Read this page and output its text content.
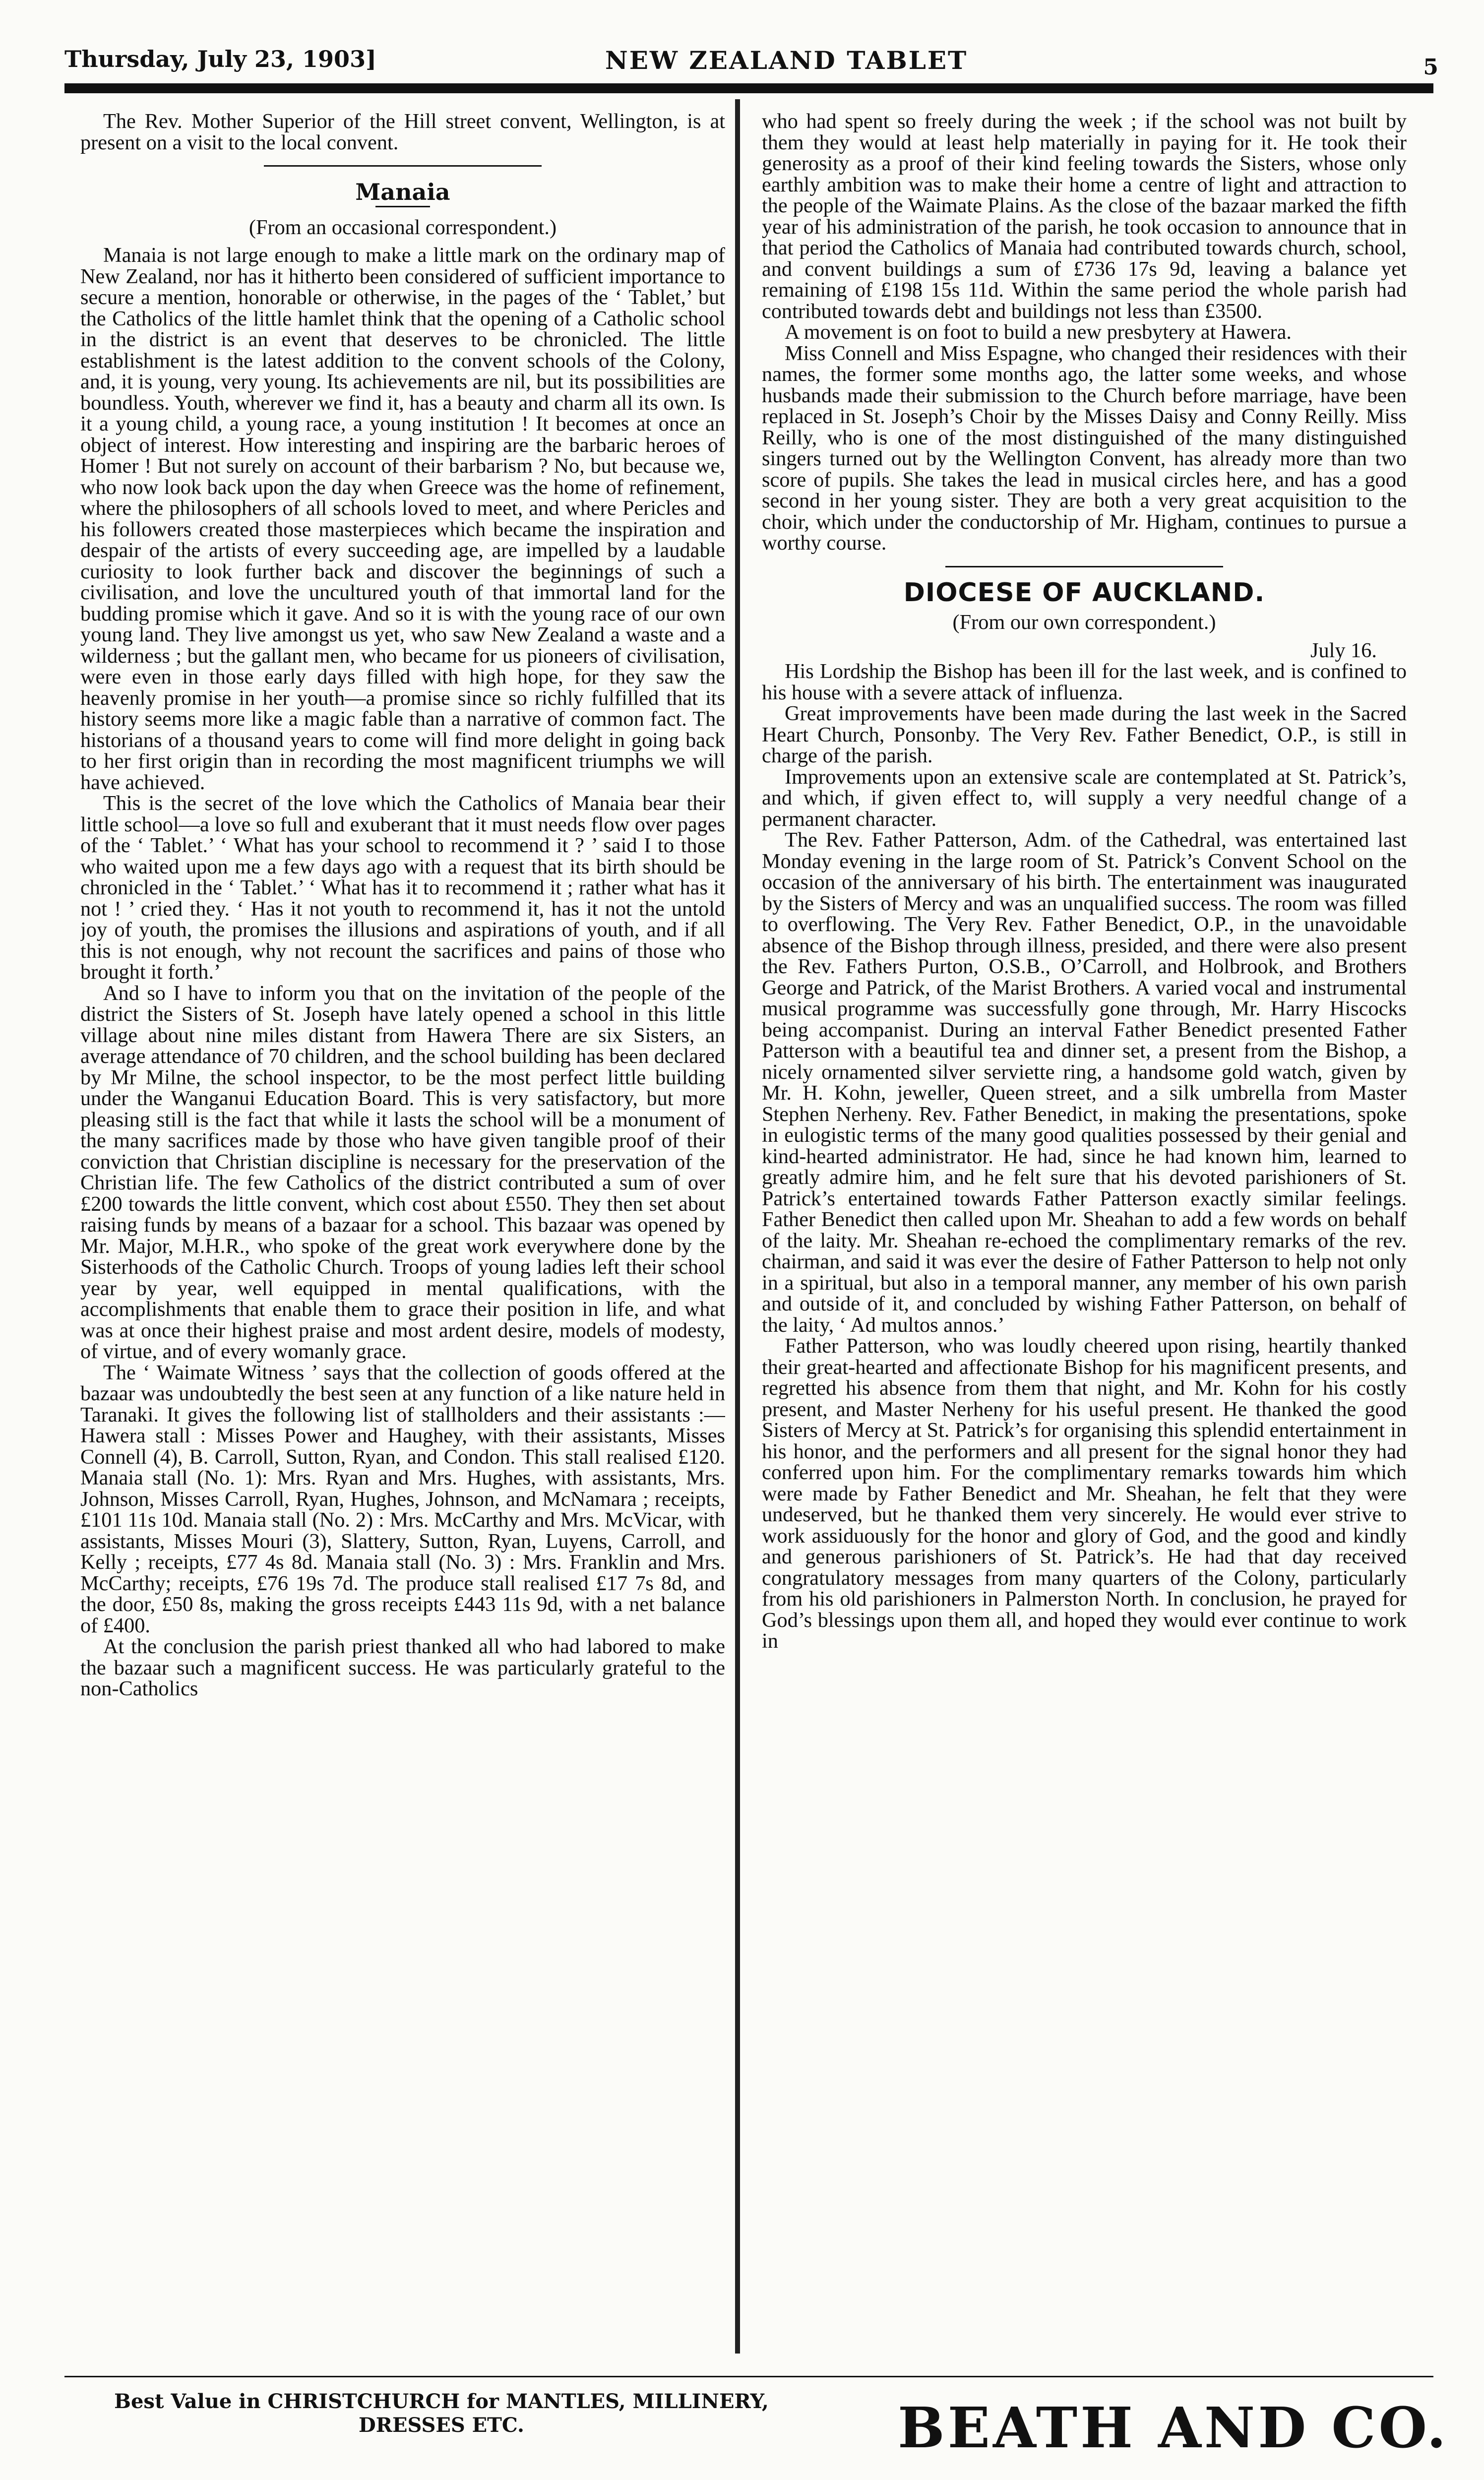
Thursday, July 23, 1903]	NEW ZEALAND TABLET	5

The Rev. Mother Superior of the Hill street convent, Wellington, is at present on a visit to the local convent.

Manaia
(From an occasional correspondent.)

Manaia is not large enough to make a little mark on the ordinary map of New Zealand, nor has it hitherto been considered of sufficient importance to secure a mention, honorable or otherwise, in the pages of the ‘ Tablet,’ but the Catholics of the little hamlet think that the opening of a Catholic school in the district is an event that deserves to be chronicled. The little establishment is the latest addition to the convent schools of the Colony, and, it is young, very young. Its achievements are nil, but its possibilities are boundless. Youth, wherever we find it, has a beauty and charm all its own. Is it a young child, a young race, a young institution ! It becomes at once an object of interest. How interesting and inspiring are the barbaric heroes of Homer ! But not surely on account of their barbarism ? No, but because we, who now look back upon the day when Greece was the home of refinement, where the philosophers of all schools loved to meet, and where Pericles and his followers created those masterpieces which became the inspiration and despair of the artists of every succeeding age, are impelled by a laudable curiosity to look further back and discover the beginnings of such a civilisation, and love the uncultured youth of that immortal land for the budding promise which it gave. And so it is with the young race of our own young land. They live amongst us yet, who saw New Zealand a waste and a wilderness ; but the gallant men, who became for us pioneers of civilisation, were even in those early days filled with high hope, for they saw the heavenly promise in her youth—a promise since so richly fulfilled that its history seems more like a magic fable than a narrative of common fact. The historians of a thousand years to come will find more delight in going back to her first origin than in recording the most magnificent triumphs we will have achieved.

This is the secret of the love which the Catholics of Manaia bear their little school—a love so full and exuberant that it must needs flow over pages of the ‘ Tablet.’ ‘ What has your school to recommend it ? ’ said I to those who waited upon me a few days ago with a request that its birth should be chronicled in the ‘ Tablet.’ ‘ What has it to recommend it ; rather what has it not ! ’ cried they. ‘ Has it not youth to recommend it, has it not the untold joy of youth, the promises the illusions and aspirations of youth, and if all this is not enough, why not recount the sacrifices and pains of those who brought it forth.’

And so I have to inform you that on the invitation of the people of the district the Sisters of St. Joseph have lately opened a school in this little village about nine miles distant from Hawera There are six Sisters, an average attendance of 70 children, and the school building has been declared by Mr Milne, the school inspector, to be the most perfect little building under the Wanganui Education Board. This is very satisfactory, but more pleasing still is the fact that while it lasts the school will be a monument of the many sacrifices made by those who have given tangible proof of their conviction that Christian discipline is necessary for the preservation of the Christian life. The few Catholics of the district contributed a sum of over £200 towards the little convent, which cost about £550. They then set about raising funds by means of a bazaar for a school. This bazaar was opened by Mr. Major, M.H.R., who spoke of the great work everywhere done by the Sisterhoods of the Catholic Church. Troops of young ladies left their school year by year, well equipped in mental qualifications, with the accomplishments that enable them to grace their position in life, and what was at once their highest praise and most ardent desire, models of modesty, of virtue, and of every womanly grace.

The ‘ Waimate Witness ’ says that the collection of goods offered at the bazaar was undoubtedly the best seen at any function of a like nature held in Taranaki. It gives the following list of stallholders and their assistants :—Hawera stall : Misses Power and Haughey, with their assistants, Misses Connell (4), B. Carroll, Sutton, Ryan, and Condon. This stall realised £120. Manaia stall (No. 1): Mrs. Ryan and Mrs. Hughes, with assistants, Mrs. Johnson, Misses Carroll, Ryan, Hughes, Johnson, and McNamara ; receipts, £101 11s 10d. Manaia stall (No. 2) : Mrs. McCarthy and Mrs. McVicar, with assistants, Misses Mouri (3), Slattery, Sutton, Ryan, Luyens, Carroll, and Kelly ; receipts, £77 4s 8d. Manaia stall (No. 3) : Mrs. Franklin and Mrs. McCarthy; receipts, £76 19s 7d. The produce stall realised £17 7s 8d, and the door, £50 8s, making the gross receipts £443 11s 9d, with a net balance of £400.

At the conclusion the parish priest thanked all who had labored to make the bazaar such a magnificent success. He was particularly grateful to the non-Catholics

who had spent so freely during the week ; if the school was not built by them they would at least help materially in paying for it. He took their generosity as a proof of their kind feeling towards the Sisters, whose only earthly ambition was to make their home a centre of light and attraction to the people of the Waimate Plains. As the close of the bazaar marked the fifth year of his administration of the parish, he took occasion to announce that in that period the Catholics of Manaia had contributed towards church, school, and convent buildings a sum of £736 17s 9d, leaving a balance yet remaining of £198 15s 11d. Within the same period the whole parish had contributed towards debt and buildings not less than £3500.

A movement is on foot to build a new presbytery at Hawera.

Miss Connell and Miss Espagne, who changed their residences with their names, the former some months ago, the latter some weeks, and whose husbands made their submission to the Church before marriage, have been replaced in St. Joseph’s Choir by the Misses Daisy and Conny Reilly. Miss Reilly, who is one of the most distinguished of the many distinguished singers turned out by the Wellington Convent, has already more than two score of pupils. She takes the lead in musical circles here, and has a good second in her young sister. They are both a very great acquisition to the choir, which under the conductorship of Mr. Higham, continues to pursue a worthy course.

DIOCESE OF AUCKLAND.
(From our own correspondent.)
July 16.

His Lordship the Bishop has been ill for the last week, and is confined to his house with a severe attack of influenza.

Great improvements have been made during the last week in the Sacred Heart Church, Ponsonby. The Very Rev. Father Benedict, O.P., is still in charge of the parish.

Improvements upon an extensive scale are contemplated at St. Patrick’s, and which, if given effect to, will supply a very needful change of a permanent character.

The Rev. Father Patterson, Adm. of the Cathedral, was entertained last Monday evening in the large room of St. Patrick’s Convent School on the occasion of the anniversary of his birth. The entertainment was inaugurated by the Sisters of Mercy and was an unqualified success. The room was filled to overflowing. The Very Rev. Father Benedict, O.P., in the unavoidable absence of the Bishop through illness, presided, and there were also present the Rev. Fathers Purton, O.S.B., O’Carroll, and Holbrook, and Brothers George and Patrick, of the Marist Brothers. A varied vocal and instrumental musical programme was successfully gone through, Mr. Harry Hiscocks being accompanist. During an interval Father Benedict presented Father Patterson with a beautiful tea and dinner set, a present from the Bishop, a nicely ornamented silver serviette ring, a handsome gold watch, given by Mr. H. Kohn, jeweller, Queen street, and a silk umbrella from Master Stephen Nerheny. Rev. Father Benedict, in making the presentations, spoke in eulogistic terms of the many good qualities possessed by their genial and kind-hearted administrator. He had, since he had known him, learned to greatly admire him, and he felt sure that his devoted parishioners of St. Patrick’s entertained towards Father Patterson exactly similar feelings. Father Benedict then called upon Mr. Sheahan to add a few words on behalf of the laity. Mr. Sheahan re-echoed the complimentary remarks of the rev. chairman, and said it was ever the desire of Father Patterson to help not only in a spiritual, but also in a temporal manner, any member of his own parish and outside of it, and concluded by wishing Father Patterson, on behalf of the laity, ‘ Ad multos annos.’

Father Patterson, who was loudly cheered upon rising, heartily thanked their great-hearted and affectionate Bishop for his magnificent presents, and regretted his absence from them that night, and Mr. Kohn for his costly present, and Master Nerheny for his useful present. He thanked the good Sisters of Mercy at St. Patrick’s for organising this splendid entertainment in his honor, and the performers and all present for the signal honor they had conferred upon him. For the complimentary remarks towards him which were made by Father Benedict and Mr. Sheahan, he felt that they were undeserved, but he thanked them very sincerely. He would ever strive to work assiduously for the honor and glory of God, and the good and kindly and generous parishioners of St. Patrick’s. He had that day received congratulatory messages from many quarters of the Colony, particularly from his old parishioners in Palmerston North. In conclusion, he prayed for God’s blessings upon them all, and hoped they would ever continue to work in

Best Value in CHRISTCHURCH for MANTLES, MILLINERY, DRESSES ETC.	BEATH AND CO.
